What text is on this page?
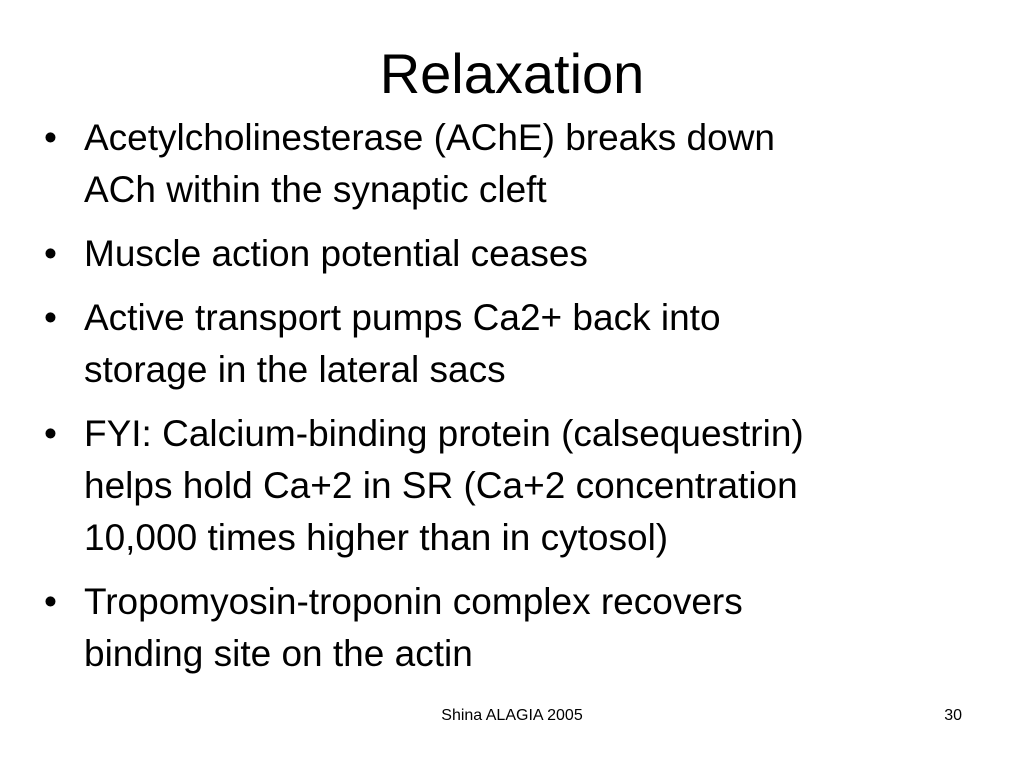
Relaxation
• Acetylcholinesterase (AChE) breaks down
ACh within the synaptic cleft
• Muscle action potential ceases
• Active transport pumps Ca2+ back into
storage in the lateral sacs
• FYI: Calcium-binding protein (calsequestrin)
helps hold Ca+2 in SR (Ca+2 concentration
10,000 times higher than in cytosol)
• Tropomyosin-troponin complex recovers
binding site on the actin
Shina ALAGIA 2005	30
